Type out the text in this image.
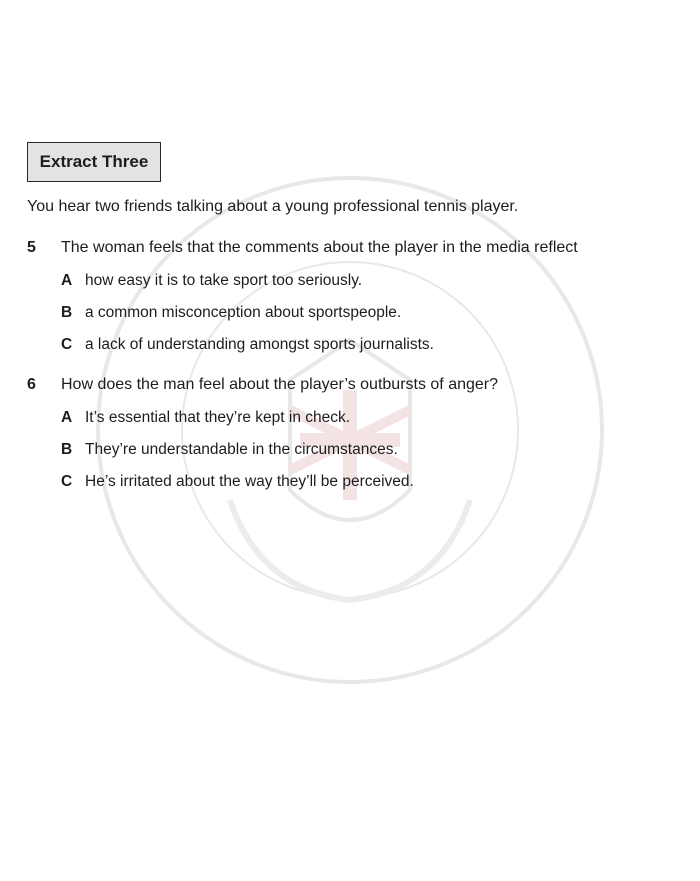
Extract Three
You hear two friends talking about a young professional tennis player.
5 The woman feels that the comments about the player in the media reflect
A how easy it is to take sport too seriously.
B a common misconception about sportspeople.
C a lack of understanding amongst sports journalists.
6 How does the man feel about the player’s outbursts of anger?
A It’s essential that they’re kept in check.
B They’re understandable in the circumstances.
C He’s irritated about the way they’ll be perceived.
